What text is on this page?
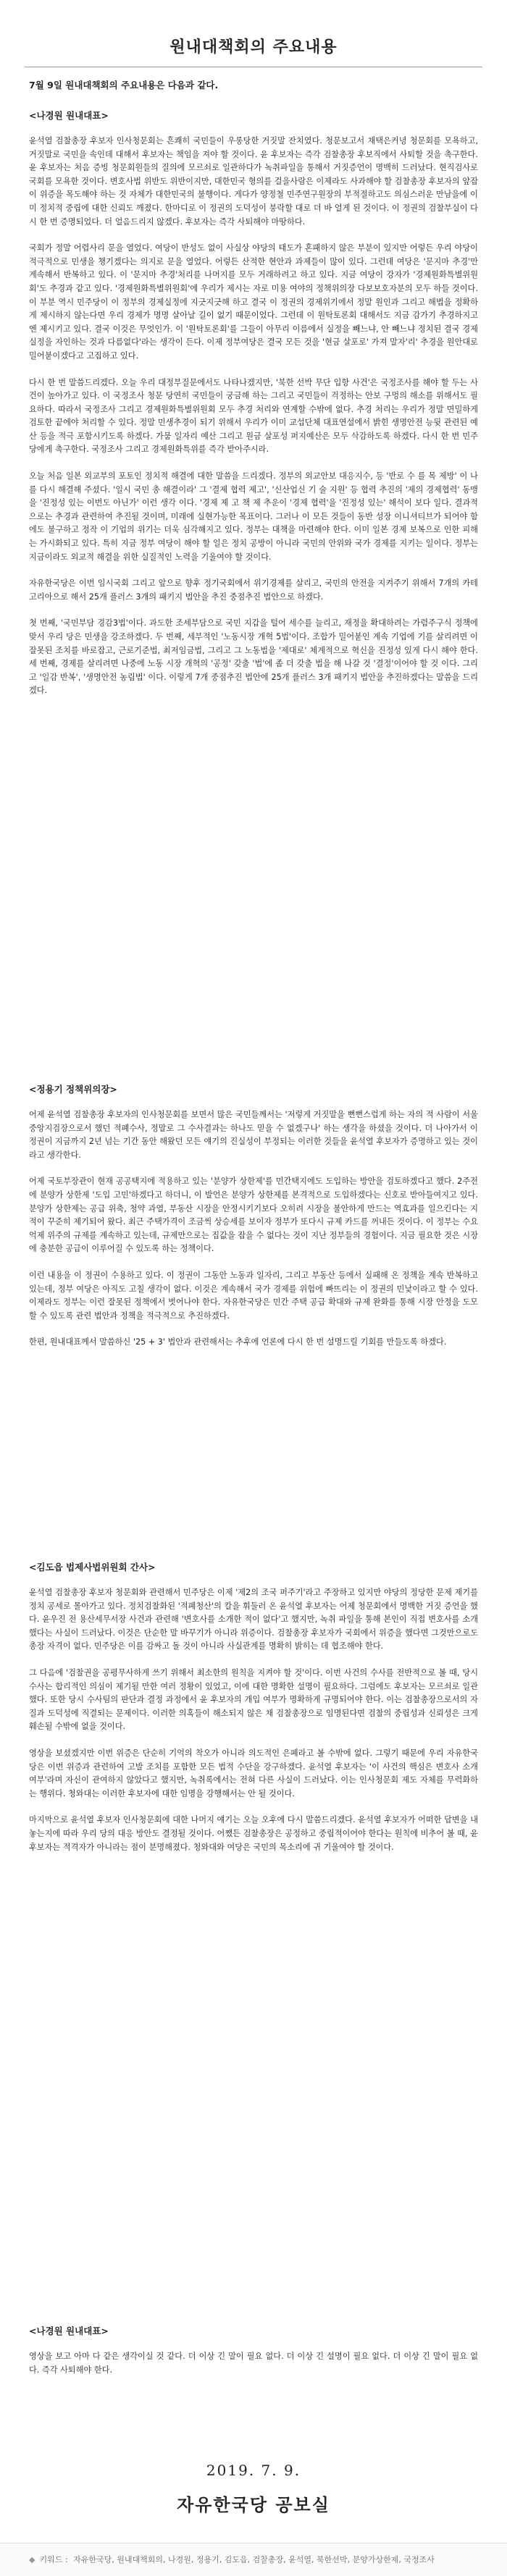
원내대책회의 주요내용
7월 9일 원내대책회의 주요내용은 다음과 같다.
<나경원 원내대표>

윤석열 검찰총장 후보자 인사청문회는 흔쾌히 국민들이 우롱당한 거짓말 잔치였다. 청문보고서 채택은커녕 청문회를 모욕하고, 거짓말로 국민을 속인데 대해서 후보자는 책임을 져야 할 것이다. 윤 후보자는 즉각 검찰총장 후보직에서 사퇴할 것을 촉구한다. 윤 후보자는 처음 증빙 청문회원들의 질의에 모르쇠로 일관하다가 녹취파일을 통해서 거짓증언이 명백히 드러났다. 현직검사로 국회를 모욕한 것이다. 변호사법 위반도 위반이지만, 대한민국 형의를 걸을사람은 이제라도 사과해야 할 검찰총장 후보자의 앞잡이 위증을 목도해야 하는 것 자체가 대한민국의 불행이다. 게다가 양정철 민주연구원장의 부적절하고도 의심스러운 만남을에 이미 정치적 중립에 대한 신뢰도 깨졌다. 한마디로 이 정권의 도덕성이 붕락할 대로 더 바 얼게 된 것이다. 이 정권의 검찰부실이 다시 한 번 증명되었다. 더 얼음드리지 않겠다. 후보자는 즉각 사퇴해야 마땅하다.

국회가 정말 어렵사리 문을 열었다. 여당이 반성도 없이 사실상 야당의 태도가 혼패하지 않은 부분이 있지만 어렇든 우리 야당이 적극적으로 민생을 챙기겠다는 의지로 문을 열었다. 어렇든 산적한 현안과 과제들이 많이 있다. 그런데 여당은 '문지마 추경'만 계속해서 반복하고 있다. 이 '문지마 추경'처리를 나머지를 모두 거래하려고 하고 있다. 지금 여당이 강자가 '경제원화특별위원회'도 추경과 같고 있다. '경제원화특별위원회'에 우리가 제시는 자로 미용 여야의 정책위의장 다보보호자분의 모두 하들 것이다. 이 부분 역시 민주당이 이 정부의 경제실정에 지긋지긋해 하고 결국 이 정권의 경제위기에서 정말 원인과 그리고 해법을 정확하게 제시하지 않는다면 우리 경제가 명명 살아날 길이 없기 때문이었다. 그런데 이 원탁토론회 대해서도 지금 감가기 추경하지고 엔 제시키고 있다. 결국 이것은 무엇인가. 이 '원탁토론회'를 그들이 아무리 이름에서 실정을 빼느냐, 안 빼느냐 정치된 결국 경제실정을 자인하는 것과 다름없다'라는 생각이 든다. 이제 정부여당은 결국 모든 것을 '현금 살포로' 가져 말자'리' 추경을 원안대로 밀어붙이겠다고 고집하고 있다.

다시 한 번 말씀드리겠다. 오늘 우리 대정부질문에서도 나타나겠지만, '북한 선박 무단 입항 사건'은 국정조사를 해야 할 두는 사건이 높아가고 있다. 이 국정조사 청문 당연히 국민들이 궁금해 하는 그리고 국민들이 걱정하는 안보 구멍의 해소를 위해서도 필요하다. 따라서 국정조사 그리고 경제원화특별위원회 모두 추경 처리와 연계할 수밖에 없다. 추경 처리는 우리가 정말 면밀하게 검토한 끝에야 처리할 수 있다. 정말 민생추경이 되기 위해서 우리가 이미 교섭단체 대표연설에서 밝힌 생명안전 능뒷 관련된 예산 등을 적극 포함시키도록 하겠다. 가뭄 일자리 예산 그리고 원금 살포성 퍼지예산은 모두 삭감하도록 하겠다. 다시 한 번 민주당에게 촉구한다. 국정조사 그리고 경제원화특위를 즉각 받아주시라.

오늘 처음 일본 외교부의 포토인 정치적 해결에 대한 말씀을 드리겠다. 정부의 외교안보 대응지수, 등 '반로 수 를 목 제방' 이 나를 다시 해결해 주셨다. '일시 국민 총 해결이라' 그 '결제 협력 제고', '신산업신 기 술 지원' 등 협력 추진의 '제의 경제협력' 동맹을 '진정성 있는 이번도 아닌가' 이런 생각 이다. '경제 제 고 책 제 추운이 '경제 협력'을 '진정성 있는' 해석이 보다 일다. 결과적으로는 추경과 관련하여 추진될 것이며, 미래에 실현가능한 목표이다. 그러나 이 모든 것들이 동반 성장 이니셔티브가 되어야 함에도 불구하고 정작 이 기업의 위기는 더욱 심각해지고 있다. 정부는 대책을 마련해야 한다. 이미 일본 경제 보복으로 인한 피해는 가시화되고 있다. 특히 지금 정부 여당이 해야 할 일은 정치 공방이 아니라 국민의 안위와 국가 경제를 지키는 일이다. 정부는 지금이라도 외교적 해결을 위한 실질적인 노력을 기울여야 할 것이다.

자유한국당은 이번 임시국회 그리고 앞으로 향후 정기국회에서 위기경제를 살리고, 국민의 안전을 지켜주기 위해서 7개의 카테고리아으로 해서 25개 플러스 3개의 패키지 법안을 추진 중점추진 법안으로 하겠다.

첫 번째, '국민부담 경감3법'이다. 과도한 조세부담으로 국민 지갑을 털어 세수를 늘리고, 재정을 확대하려는 가렴주구식 정책에 맞서 우리 당은 민생을 강조하겠다. 두 번째, 세부적인 '노동시장 개혁 5법'이다. 조합가 밀어붙인 계속 기업에 기를 살리려면 이 잘못된 조치를 바로잡고, 근로기준법, 최저임금법, 그리고 그 노동법을 '제대로' 체계적으로 혁신을 진정성 있게 다시 해야 한다. 세 번째, 경제를 살리려면 나중에 노동 시장 개혁의 '공정' 갖출 '법'에 좀 더 갖출 법을 해 나갈 것 '결정'이어야 할 것 이다. 그리고 '일감 반복', '생명안전 농림법' 이다. 이렇게 7개 중점추진 법안에 25개 플러스 3개 패키지 법안을 추진하겠다는 말씀을 드리겠다.

<정용기 정책위의장>

어제 윤석열 검찰총장 후보자의 인사청문회를 보면서 많은 국민들께서는 '저렇게 거짓말을 뻔뻔스럽게 하는 자의 적 사람이 서울중앙지검장으로서 했던 적폐수사, 정말로 그 수사결과는 하나도 믿을 수 없겠구나' 하는 생각을 하셨을 것이다. 더 나아가서 이 정권이 지금까지 2년 넘는 기간 동안 해왔던 모든 얘기의 진실성이 부정되는 이러한 것들을 윤석열 후보자가 증명하고 있는 것이라고 생각한다.

어제 국토부장관이 현재 공공택지에 적용하고 있는 '분양가 상한제'를 민간택지에도 도입하는 방안을 검토하겠다고 했다. 2주전에 분양가 상한제 '도입 고민'하겠다고 하더니, 이 발언은 분양가 상한제를 본격적으로 도입하겠다는 신호로 받아들여지고 있다. 분양가 상한제는 공급 위축, 청약 과열, 부동산 시장을 안정시키기보다 오히려 시장을 불안하게 만드는 역효과를 일으킨다는 지적이 꾸준히 제기되어 왔다. 최근 주택가격이 조금씩 상승세를 보이자 정부가 또다시 규제 카드를 꺼내든 것이다. 이 정부는 수요 억제 위주의 규제를 계속하고 있는데, 규제만으로는 집값을 잡을 수 없다는 것이 지난 정부들의 경험이다. 지금 필요한 것은 시장에 충분한 공급이 이루어질 수 있도록 하는 정책이다.

이런 내용을 이 정권이 수용하고 있다. 이 정권이 그동안 노동과 일자리, 그리고 부동산 등에서 실패해 온 정책을 계속 반복하고 있는데, 정부 여당은 아직도 고칠 생각이 없다. 이것은 계속해서 국가 경제를 위험에 빠뜨리는 이 정권의 민낯이라고 할 수 있다. 이제라도 정부는 이런 잘못된 정책에서 벗어나야 한다. 자유한국당은 민간 주택 공급 확대와 규제 완화를 통해 시장 안정을 도모할 수 있도록 관련 법안과 정책을 적극적으로 추진하겠다.

한편, 원내대표께서 말씀하신 '25 + 3' 법안과 관련해서는 추후에 언론에 다시 한 번 설명드릴 기회를 만들도록 하겠다.

<김도읍 법제사법위원회 간사>

윤석열 검찰총장 후보자 청문회와 관련해서 민주당은 이제 '제2의 조국 퍼주기'라고 주장하고 있지만 야당의 정당한 문제 제기를 정치 공세로 몰아가고 있다. 정치검찰화된 '적폐청산'의 칼을 휘둘러 온 윤석열 후보자는 어제 청문회에서 명백한 거짓 증언을 했다. 윤우진 전 용산세무서장 사건과 관련해 '변호사를 소개한 적이 없다'고 했지만, 녹취 파일을 통해 본인이 직접 변호사를 소개했다는 사실이 드러났다. 이것은 단순한 말 바꾸기가 아니라 위증이다. 검찰총장 후보자가 국회에서 위증을 했다면 그것만으로도 총장 자격이 없다. 민주당은 이를 감싸고 돌 것이 아니라 사실관계를 명확히 밝히는 데 협조해야 한다.

그 다음에 '검찰권을 공평무사하게 쓰기 위해서 최소한의 원칙을 지켜야 할 것'이다. 이번 사건의 수사를 전반적으로 볼 때, 당시 수사는 합리적인 의심이 제기될 만한 여러 정황이 있었고, 이에 대한 명확한 설명이 필요하다. 그럼에도 후보자는 모르쇠로 일관했다. 또한 당시 수사팀의 판단과 결정 과정에서 윤 후보자의 개입 여부가 명확하게 규명되어야 한다. 이는 검찰총장으로서의 자질과 도덕성에 직결되는 문제이다. 이러한 의혹들이 해소되지 않은 채 검찰총장으로 임명된다면 검찰의 중립성과 신뢰성은 크게 훼손될 수밖에 없을 것이다.

영상을 보셨겠지만 이번 위증은 단순히 기억의 착오가 아니라 의도적인 은폐라고 볼 수밖에 없다. 그렇기 때문에 우리 자유한국당은 이번 위증과 관련하여 고발 조치를 포함한 모든 법적 수단을 강구하겠다. 윤석열 후보자는 '이 사건의 핵심은 변호사 소개 여부'라며 자신이 관여하지 않았다고 했지만, 녹취록에서는 전혀 다른 사실이 드러났다. 이는 인사청문회 제도 자체를 무력화하는 행위다. 청와대는 이러한 후보자에 대한 임명을 강행해서는 안 될 것이다.

마지막으로 윤석열 후보자 인사청문회에 대한 나머지 얘기는 오늘 오후에 다시 말씀드리겠다. 윤석열 후보자가 어떠한 답변을 내놓는지에 따라 우리 당의 대응 방안도 결정될 것이다. 어쨌든 검찰총장은 공정하고 중립적이어야 한다는 원칙에 비추어 볼 때, 윤 후보자는 적격자가 아니라는 점이 분명해졌다. 청와대와 여당은 국민의 목소리에 귀 기울여야 할 것이다.

<나경원 원내대표>

영상을 보고 아마 다 같은 생각이실 것 같다. 더 이상 긴 말이 필요 없다. 더 이상 긴 설명이 필요 없다. 더 이상 긴 말이 필요 없다. 즉각 사퇴해야 한다.

2019. 7. 9.
자유한국당 공보실
◆ 키워드 : 자유한국당, 원내대책회의, 나경원, 정용기, 김도읍, 검찰총장, 윤석열, 북한선박, 분양가상한제, 국정조사
